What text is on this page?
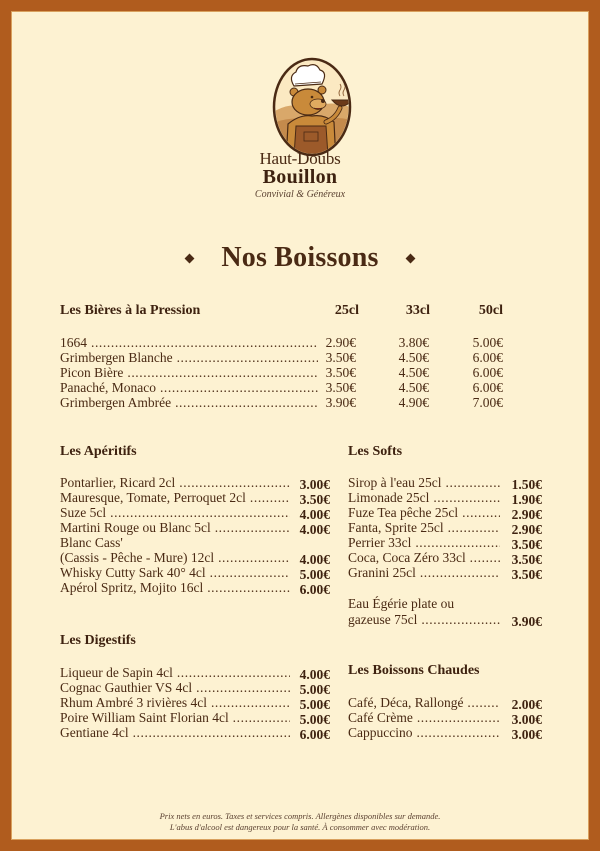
Haut-Doubs
Bouillon
Convivial & Généreux
Nos Boissons
Les Bières à la Pression	25cl	33cl	50cl
1664 .....	2.90€	3.80€	5.00€
Grimbergen Blanche .....	3.50€	4.50€	6.00€
Picon Bière .....	3.50€	4.50€	6.00€
Panaché, Monaco .....	3.50€	4.50€	6.00€
Grimbergen Ambrée .....	3.90€	4.90€	7.00€
Les Apéritifs
Pontarlier, Ricard 2cl .....	3.00€
Mauresque, Tomate, Perroquet 2cl .....	3.50€
Suze 5cl .....	4.00€
Martini Rouge ou Blanc 5cl .....	4.00€
Blanc Cass'
(Cassis - Pêche - Mure) 12cl .....	4.00€
Whisky Cutty Sark 40° 4cl .....	5.00€
Apérol Spritz, Mojito 16cl .....	6.00€
Les Digestifs
Liqueur de Sapin 4cl .....	4.00€
Cognac Gauthier VS 4cl .....	5.00€
Rhum Ambré 3 rivières 4cl .....	5.00€
Poire William Saint Florian 4cl .....	5.00€
Gentiane 4cl .....	6.00€
Les Softs
Sirop à l'eau 25cl .....	1.50€
Limonade 25cl .....	1.90€
Fuze Tea pêche 25cl .....	2.90€
Fanta, Sprite 25cl .....	2.90€
Perrier 33cl .....	3.50€
Coca, Coca Zéro 33cl .....	3.50€
Granini 25cl .....	3.50€
Eau Égérie plate ou
gazeuse 75cl .....	3.90€
Les Boissons Chaudes
Café, Déca, Rallongé .....	2.00€
Café Crème .....	3.00€
Cappuccino .....	3.00€
Prix nets en euros. Taxes et services compris. Allergènes disponibles sur demande.
L'abus d'alcool est dangereux pour la santé. À consommer avec modération.
